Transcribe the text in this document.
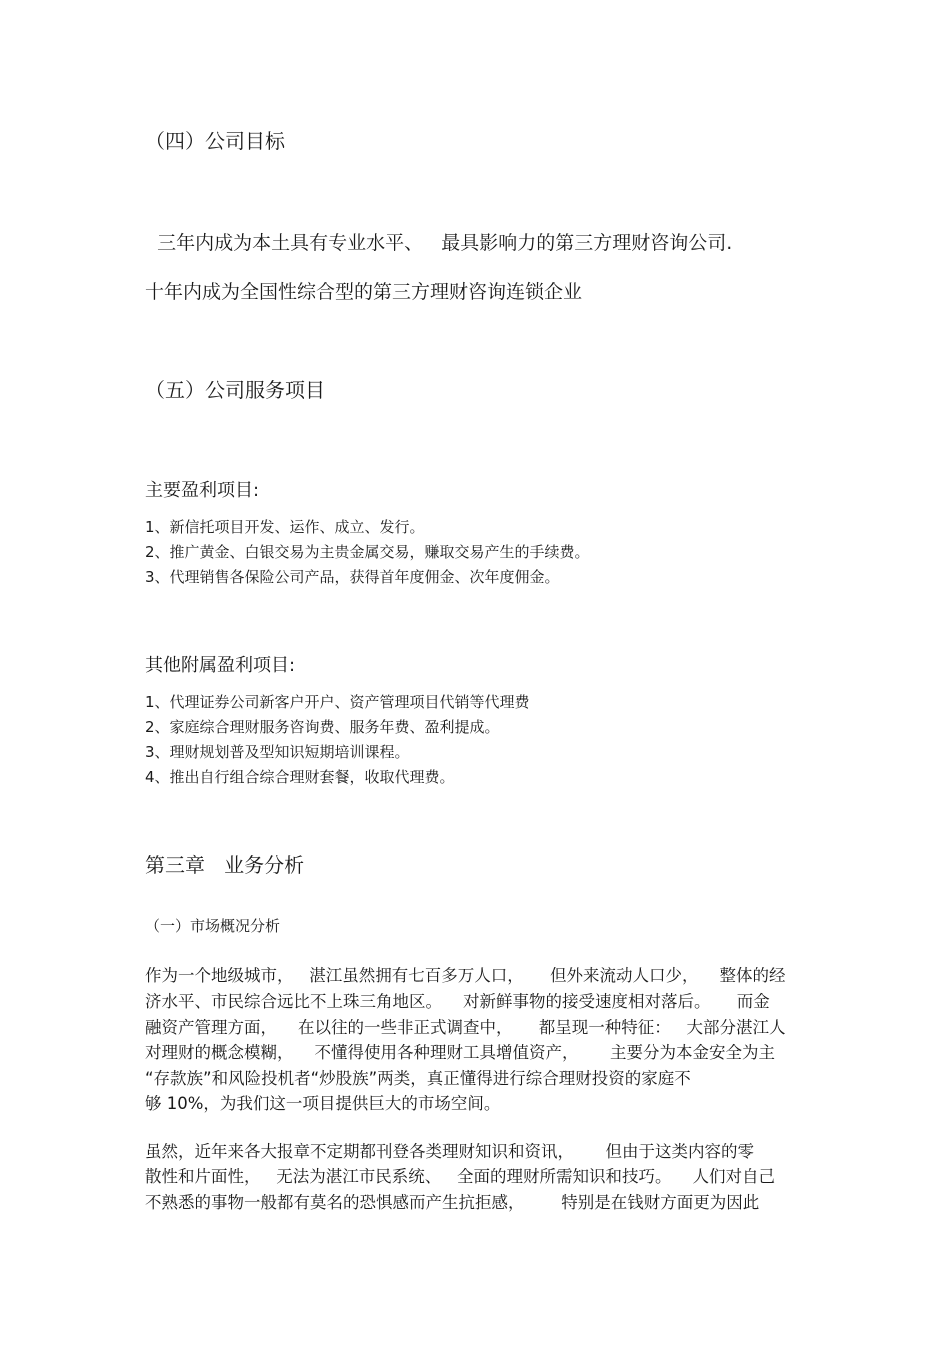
（四）公司目标
三年内成为本土具有专业水平、   最具影响力的第三方理财咨询公司.
十年内成为全国性综合型的第三方理财咨询连锁企业
（五）公司服务项目
主要盈利项目:
1、新信托项目开发、运作、成立、发行。
2、推广黄金、白银交易为主贵金属交易，赚取交易产生的手续费。
3、代理销售各保险公司产品，获得首年度佣金、次年度佣金。
其他附属盈利项目:
1、代理证券公司新客户开户、资产管理项目代销等代理费
2、家庭综合理财服务咨询费、服务年费、盈利提成。
3、理财规划普及型知识短期培训课程。
4、推出自行组合综合理财套餐，收取代理费。
第三章   业务分析
（一）市场概况分析
作为一个地级城市，   湛江虽然拥有七百多万人口，     但外来流动人口少，    整体的经
济水平、市民综合远比不上珠三角地区。    对新鲜事物的接受速度相对落后。     而金
融资产管理方面，    在以往的一些非正式调查中，     都呈现一种特征：   大部分湛江人
对理财的概念模糊，    不懂得使用各种理财工具增值资产，      主要分为本金安全为主
“存款族”和风险投机者“炒股族”两类，真正懂得进行综合理财投资的家庭不
够 10%，为我们这一项目提供巨大的市场空间。
虽然，近年来各大报章不定期都刊登各类理财知识和资讯，      但由于这类内容的零
散性和片面性，   无法为湛江市民系统、   全面的理财所需知识和技巧。    人们对自己
不熟悉的事物一般都有莫名的恐惧感而产生抗拒感，       特别是在钱财方面更为因此
